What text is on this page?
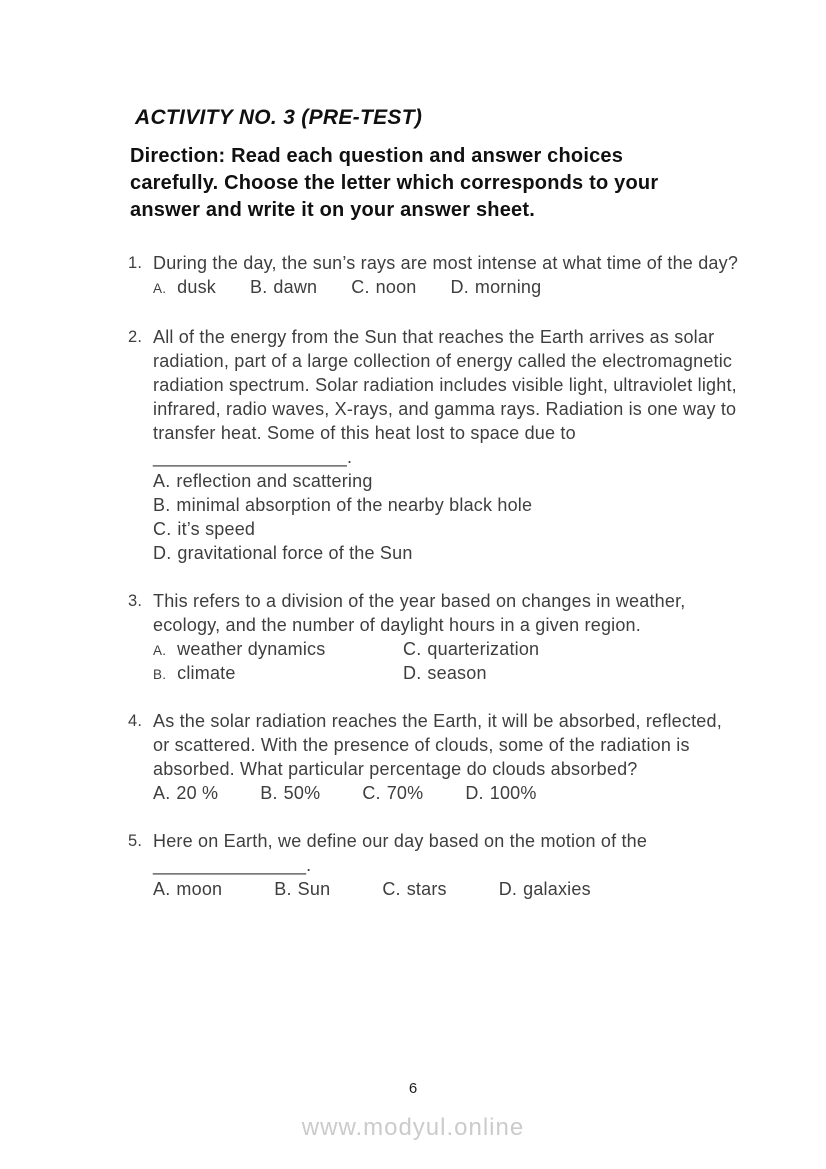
ACTIVITY NO. 3 (PRE-TEST)

Direction: Read each question and answer choices carefully. Choose the letter which corresponds to your answer and write it on your answer sheet.

1. During the day, the sun’s rays are most intense at what time of the day?

A. dusk B. dawn C. noon D. morning
2. All of the energy from the Sun that reaches the Earth arrives as solar radiation, part of a large collection of energy called the electromagnetic radiation spectrum. Solar radiation includes visible light, ultraviolet light, infrared, radio waves, X-rays, and gamma rays. Radiation is one way to transfer heat. Some of this heat lost to space due to ___________________.

A. reflection and scattering
B. minimal absorption of the nearby black hole
C. it’s speed
D. gravitational force of the Sun
3. This refers to a division of the year based on changes in weather, ecology, and the number of daylight hours in a given region.

A. weather dynamics
B. climate
C. quarterization
D. season
4. As the solar radiation reaches the Earth, it will be absorbed, reflected, or scattered. With the presence of clouds, some of the radiation is absorbed. What particular percentage do clouds absorbed?

A. 20 % B. 50% C. 70% D. 100%
5. Here on Earth, we define our day based on the motion of the _______________.

A. moon	B. Sun	C. stars	D. galaxies
6
www.modyul.online
